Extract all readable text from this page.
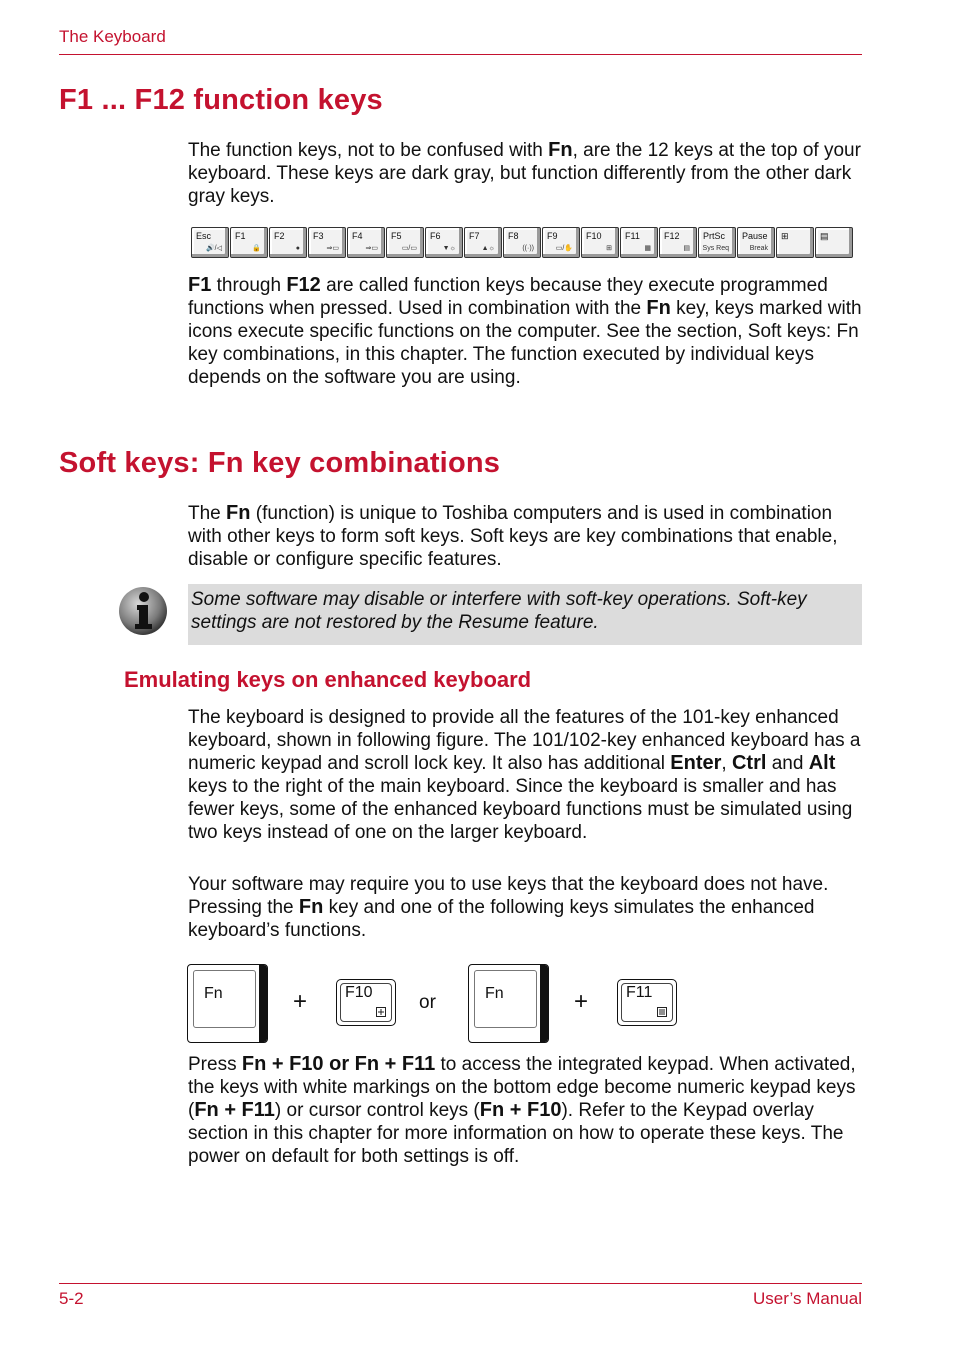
The Keyboard
F1 ... F12 function keys

The function keys, not to be confused with Fn, are the 12 keys at the top of your keyboard. These keys are dark gray, but function differently from the other dark gray keys.

Esc
🔊/◁
F1
🔒
F2
●
F3
⇒▭
F4
⇒▭
F5
▭/▭
F6
▼☼
F7
▲☼
F8
((·))
F9
▭/✋
F10
⊞
F11
▦
F12
▤
PrtSc
Sys Req
Pause
Break
⊞	▤

F1 through F12 are called function keys because they execute programmed functions when pressed. Used in combination with the Fn key, keys marked with icons execute specific functions on the computer. See the section, Soft keys: Fn key combinations, in this chapter. The function executed by individual keys depends on the software you are using.

Soft keys: Fn key combinations

The Fn (function) is unique to Toshiba computers and is used in combination with other keys to form soft keys. Soft keys are key combinations that enable, disable or configure specific features.

Some software may disable or interfere with soft-key operations. Soft-key settings are not restored by the Resume feature.

Emulating keys on enhanced keyboard

The keyboard is designed to provide all the features of the 101-key enhanced keyboard, shown in following figure. The 101/102-key enhanced keyboard has a numeric keypad and scroll lock key. It also has additional Enter, Ctrl and Alt keys to the right of the main keyboard. Since the keyboard is smaller and has fewer keys, some of the enhanced keyboard functions must be simulated using two keys instead of one on the larger keyboard.

Your software may require you to use keys that the keyboard does not have. Pressing the Fn key and one of the following keys simulates the enhanced keyboard’s functions.

Fn	+ F10 or	Fn	+ F11

Press Fn + F10 or Fn + F11 to access the integrated keypad. When activated, the keys with white markings on the bottom edge become numeric keypad keys (Fn + F11) or cursor control keys (Fn + F10). Refer to the Keypad overlay section in this chapter for more information on how to operate these keys. The power on default for both settings is off.

5-2	User’s Manual
